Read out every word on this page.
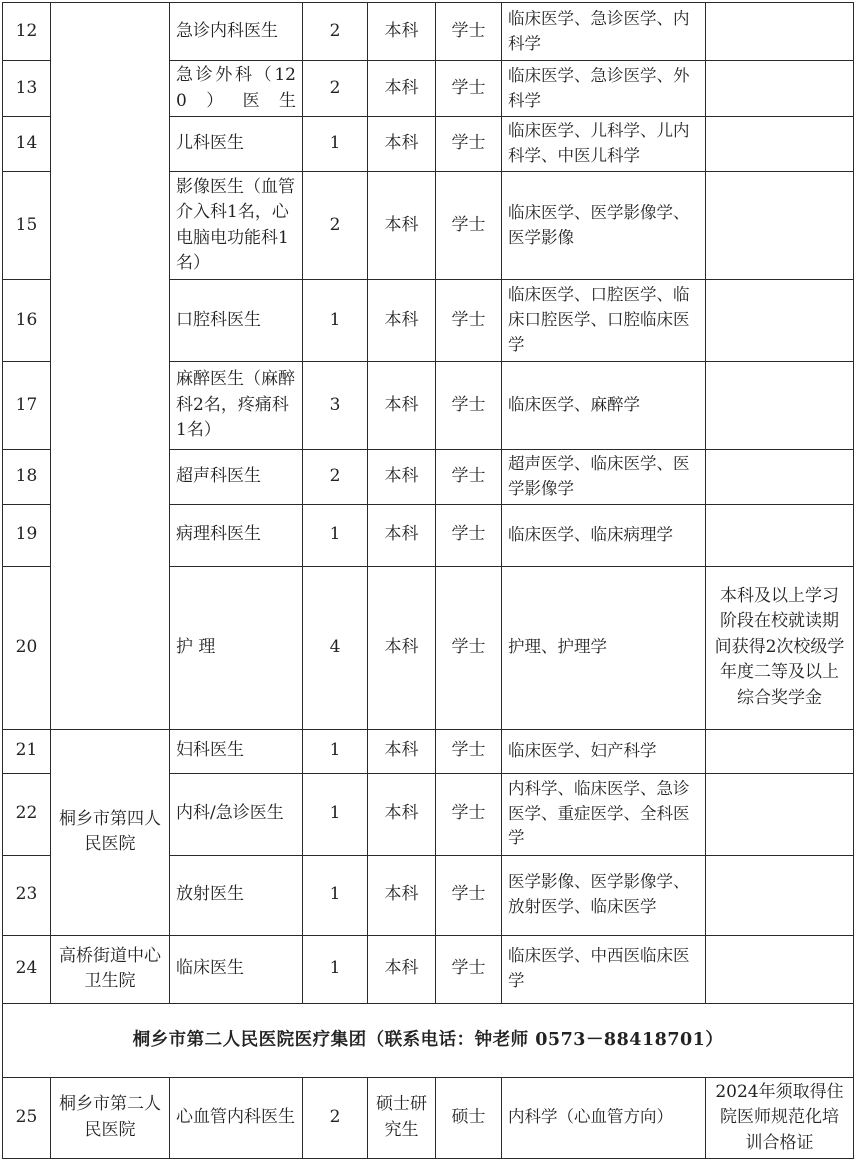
12		急诊内科医生	2	本科	学士	临床医学、急诊医学、内科学	
13		急诊外科（120）医生	2	本科	学士	临床医学、急诊医学、外科学	
14		儿科医生	1	本科	学士	临床医学、儿科学、儿内科学、中医儿科学	
15		影像医生（血管介入科1名，心电脑电功能科1名）	2	本科	学士	临床医学、医学影像学、医学影像	
16		口腔科医生	1	本科	学士	临床医学、口腔医学、临床口腔医学、口腔临床医学	
17		麻醉医生（麻醉科2名，疼痛科1名）	3	本科	学士	临床医学、麻醉学	
18		超声科医生	2	本科	学士	超声医学、临床医学、医学影像学	
19		病理科医生	1	本科	学士	临床医学、临床病理学	
20		护 理	4	本科	学士	护理、护理学	本科及以上学习阶段在校就读期间获得2次校级学年度二等及以上综合奖学金
21	桐乡市第四人民医院	妇科医生	1	本科	学士	临床医学、妇产科学	
22		内科/急诊医生	1	本科	学士	内科学、临床医学、急诊医学、重症医学、全科医学	
23		放射医生	1	本科	学士	医学影像、医学影像学、放射医学、临床医学	
24	高桥街道中心卫生院	临床医生	1	本科	学士	临床医学、中西医临床医学	
桐乡市第二人民医院医疗集团（联系电话：钟老师 0573－88418701）							
25	桐乡市第二人民医院	心血管内科医生	2	硕士研究生	硕士	内科学（心血管方向）	2024年须取得住院医师规范化培训合格证
